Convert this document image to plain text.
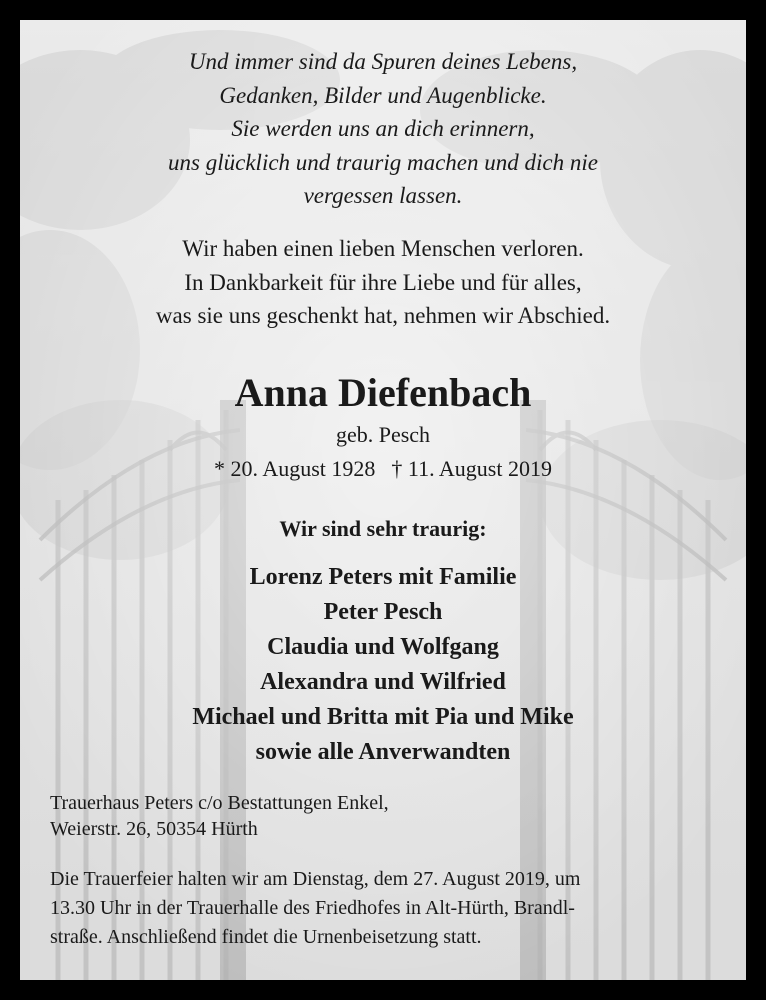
Und immer sind da Spuren deines Lebens,
Gedanken, Bilder und Augenblicke.
Sie werden uns an dich erinnern,
uns glücklich und traurig machen und dich nie
vergessen lassen.
Wir haben einen lieben Menschen verloren.
In Dankbarkeit für ihre Liebe und für alles,
was sie uns geschenkt hat, nehmen wir Abschied.
Anna Diefenbach
geb. Pesch
* 20. August 1928 † 11. August 2019
Wir sind sehr traurig:
Lorenz Peters mit Familie
Peter Pesch
Claudia und Wolfgang
Alexandra und Wilfried
Michael und Britta mit Pia und Mike
sowie alle Anverwandten
Trauerhaus Peters c/o Bestattungen Enkel,
Weierstr. 26, 50354 Hürth
Die Trauerfeier halten wir am Dienstag, dem 27. August 2019, um
13.30 Uhr in der Trauerhalle des Friedhofes in Alt-Hürth, Brandl-
straße. Anschließend findet die Urnenbeisetzung statt.
